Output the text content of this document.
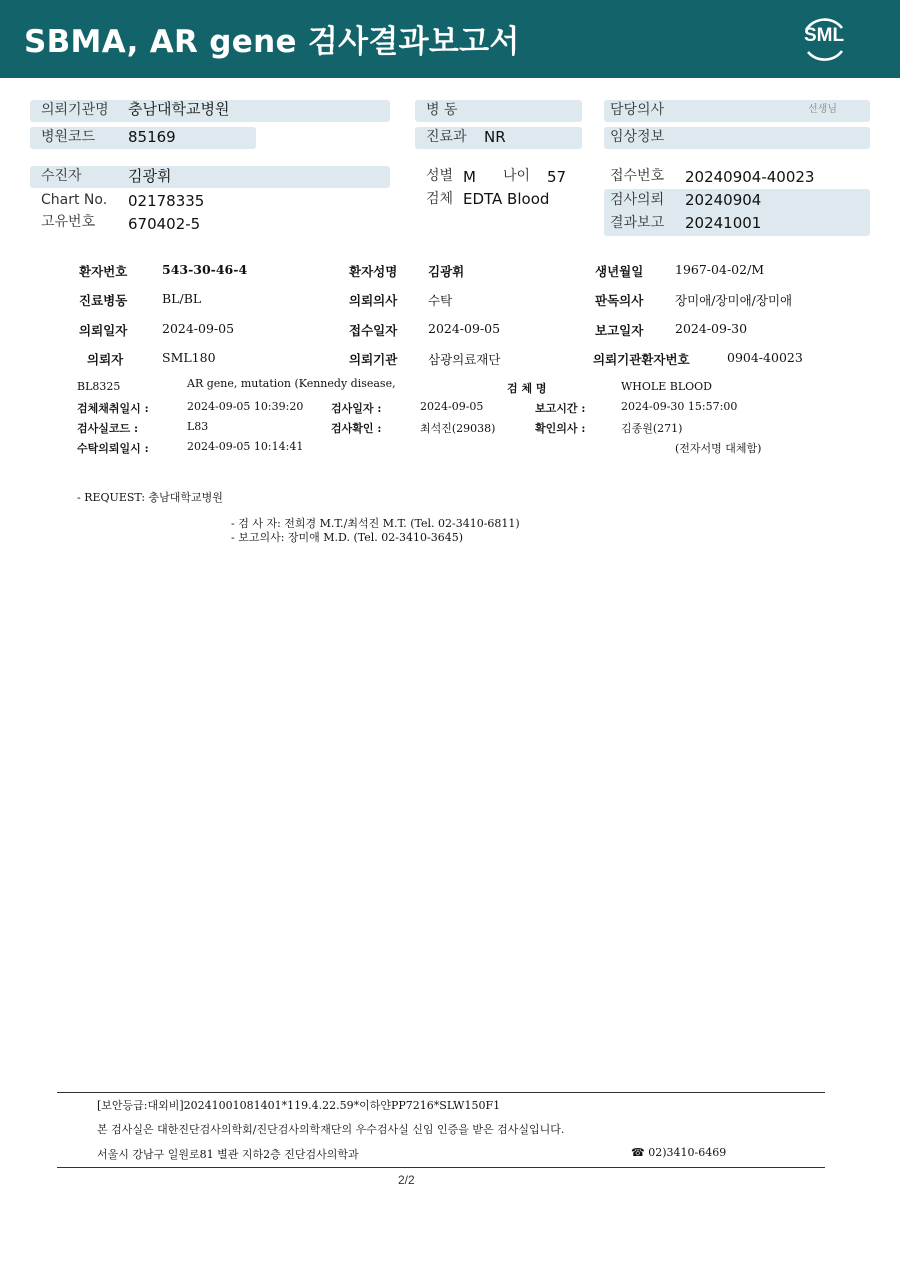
SBMA, AR gene 검사결과보고서	SML
의뢰기관명 충남대학교병원
병원코드 85169
병 동
진료과 NR
담당의사	선생님
임상정보
수진자	김광휘
Chart No. 02178335
고유번호 670402-5
성별 M 나이 57
검체 EDTA Blood
접수번호 20240904-40023
검사의뢰 20240904
결과보고 20241001
환자번호	543-30-46-4	환자성명 김광휘	생년월일	1967-04-02/M
진료병동	BL/BL	의뢰의사 수탁	판독의사	장미애/장미애/장미애
의뢰일자	2024-09-05	접수일자 2024-09-05	보고일자	2024-09-30
의뢰자	SML180	의뢰기관 삼광의료재단	의뢰기관환자번호	0904-40023
BL8325	AR gene, mutation (Kennedy disease,	검 체 명	WHOLE BLOOD
검체채취일시 :	2024-09-05 10:39:20	검사일자 :	2024-09-05	보고시간 :	2024-09-30 15:57:00
검사실코드 :	L83	검사확인 :	최석진(29038)	확인의사 :	김종원(271)
수탁의뢰일시 :	2024-09-05 10:14:41	(전자서명 대체함)
- REQUEST: 충남대학교병원
- 검 사 자: 전희경 M.T./최석진 M.T. (Tel. 02-3410-6811)
- 보고의사: 장미애 M.D. (Tel. 02-3410-3645)
[보안등급:대외비]20241001081401*119.4.22.59*이하얀PP7216*SLW150F1
본 검사실은 대한진단검사의학회/진단검사의학재단의 우수검사실 신임 인증을 받은 검사실입니다.
서울시 강남구 일원로81 별관 지하2층 진단검사의학과	☎ 02)3410-6469
2/2
